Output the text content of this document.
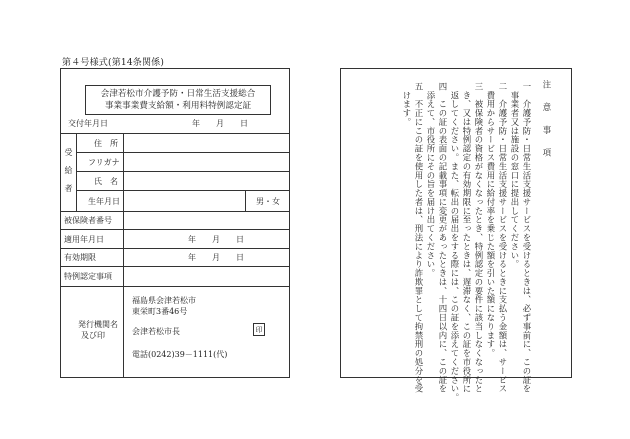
第４号様式(第14条関係)
会津若松市介護予防・日常生活支援総合
事業事業費支給額・利用料特例認定証
交付年月日	年　　月　　日
受給者
住　所
フリガナ
氏　名
生年月日	男・女
被保険者番号
適用年月日	年　　月　　日
有効期限	年　　月　　日
特例認定事項
発行機関名
及び印
福島県会津若松市
東栄町3番46号
会津若松市長	印
電話(0242)39－1111(代)
注　意　事　項
一　介護予防・日常生活支援サービスを受けるときは、必ず事前に、この証を
　事業者又は施設の窓口に提出してください。
二　介護予防・日常生活支援サービスを受けるときに支払う金額は、サービス
　費用からサービス費用に給付率を乗じた額を引いた額になります。
三　被保険者の資格がなくなったとき、特例認定の要件に該当しなくなったと
　き、又は特例認定の有効期限に至ったときは、遅滞なく、この証を市役所に
　返してください。また、転出の届出をする際には、この証を添えてください。
四　この証の表面の記載事項に変更があったときは、十四日以内に、この証を
　添えて、市役所にその旨を届け出てください。
五　不正にこの証を使用した者は、刑法により詐欺罪として拘禁刑の処分を受
　けます。
